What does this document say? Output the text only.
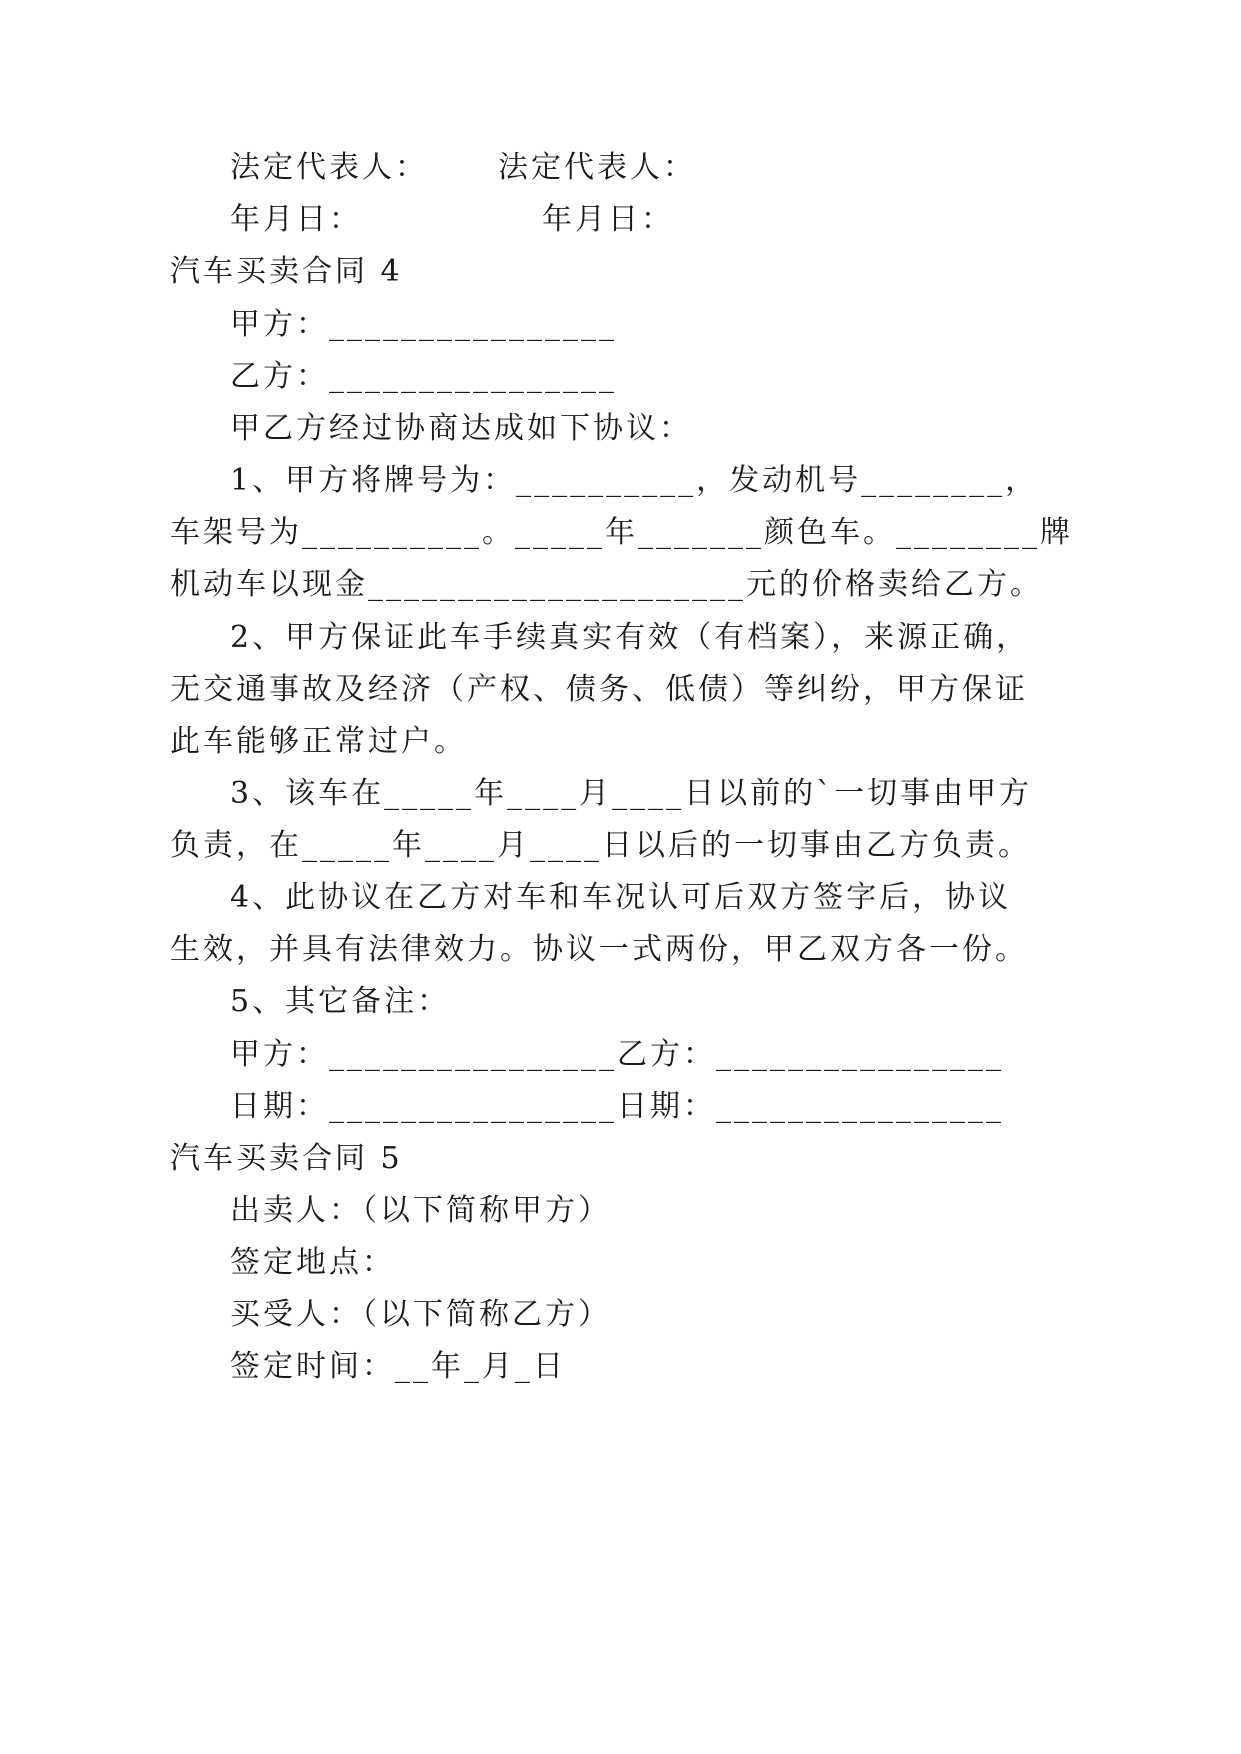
法定代表人： 法定代表人：
年月日：	年月日：
汽车买卖合同 4
甲方：________________
乙方：________________
甲乙方经过协商达成如下协议：
1、甲方将牌号为：__________，发动机号________，
车架号为__________。_____年_______颜色车。________牌
机动车以现金_____________________元的价格卖给乙方。
2、甲方保证此车手续真实有效（有档案），来源正确，
无交通事故及经济（产权、债务、低债）等纠纷，甲方保证
此车能够正常过户。
3、该车在_____年____月____日以前的`一切事由甲方
负责，在_____年____月____日以后的一切事由乙方负责。
4、此协议在乙方对车和车况认可后双方签字后，协议
生效，并具有法律效力。协议一式两份，甲乙双方各一份。
5、其它备注：
甲方：________________乙方：________________
日期：________________日期：________________
汽车买卖合同 5
出卖人：（以下简称甲方）
签定地点：
买受人：（以下简称乙方）
签定时间：__年_月_日
